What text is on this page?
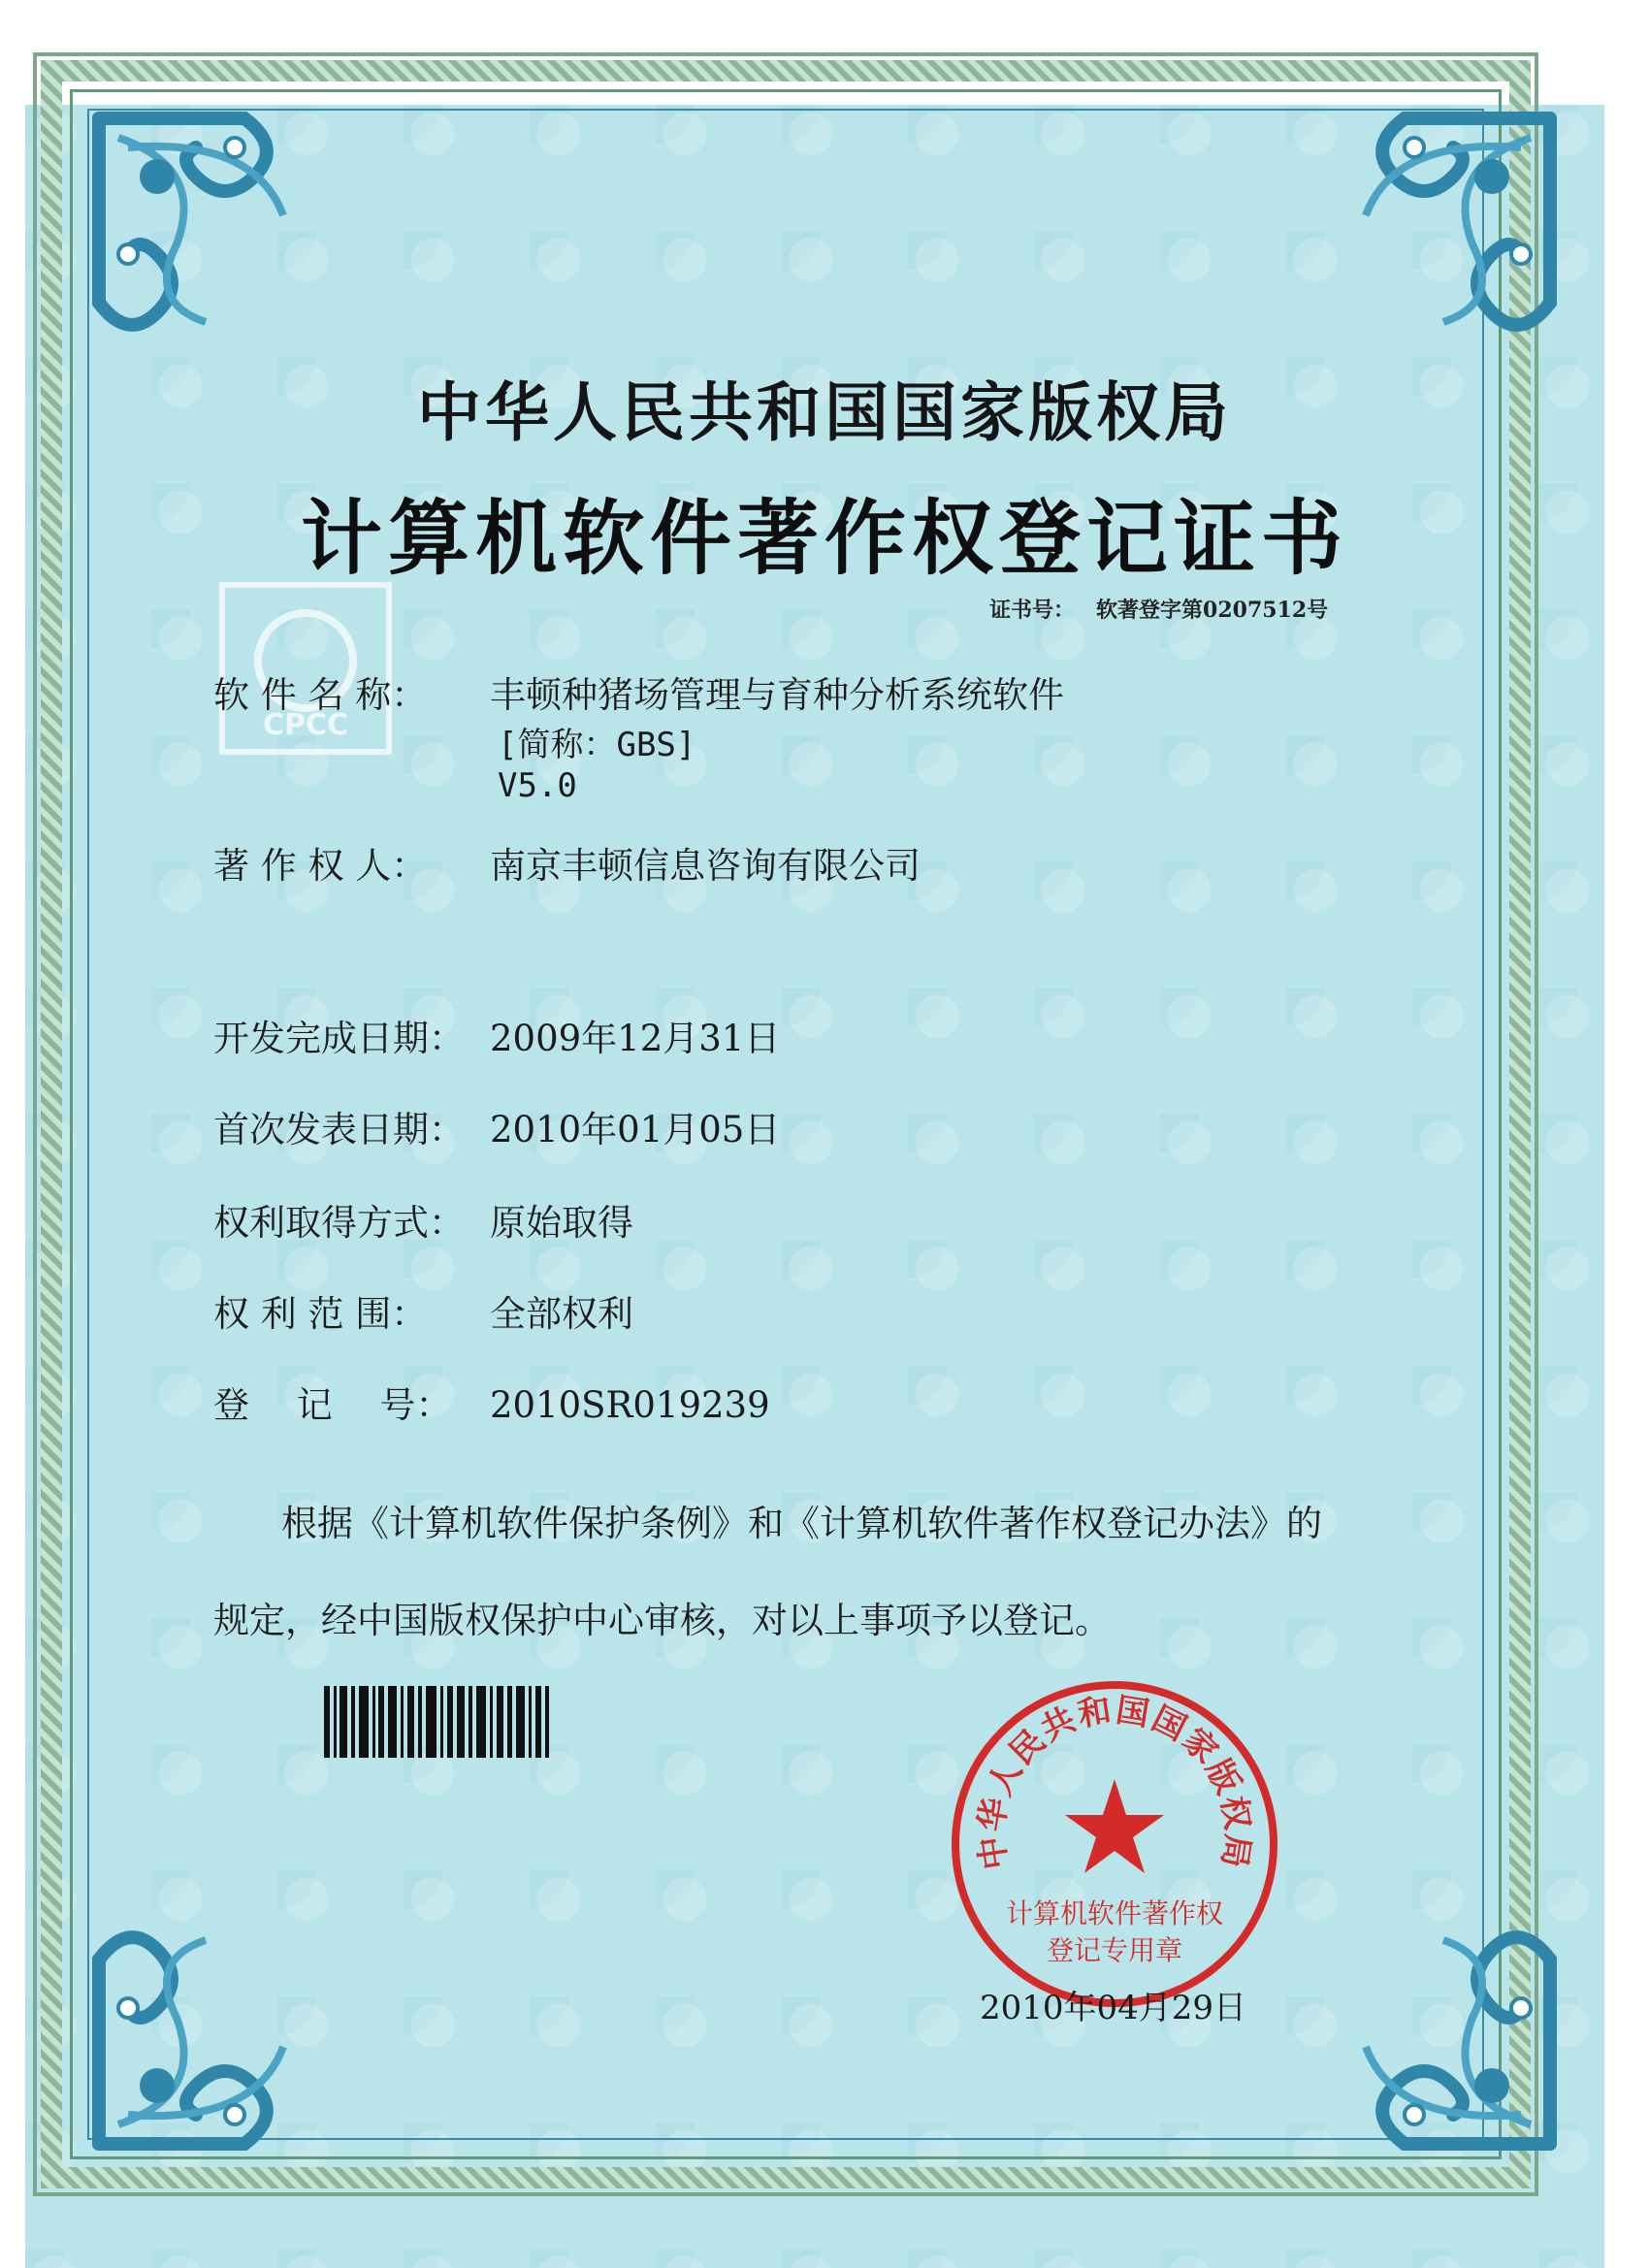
中华人民共和国国家版权局
计算机软件著作权登记证书
证书号： 软著登字第0207512号
CPCC
软 件 名 称： 丰顿种猪场管理与育种分析系统软件
[简称：GBS]
V5.0
著 作 权 人： 南京丰顿信息咨询有限公司
开发完成日期： 2009年12月31日
首次发表日期： 2010年01月05日
权利取得方式： 原始取得
权 利 范 围： 全部权利
登　 记　 号： 2010SR019239
根据《计算机软件保护条例》和《计算机软件著作权登记办法》的
规定，经中国版权保护中心审核，对以上事项予以登记。
中华人民共和国国家版权局
计算机软件著作权
登记专用章
2010年04月29日
